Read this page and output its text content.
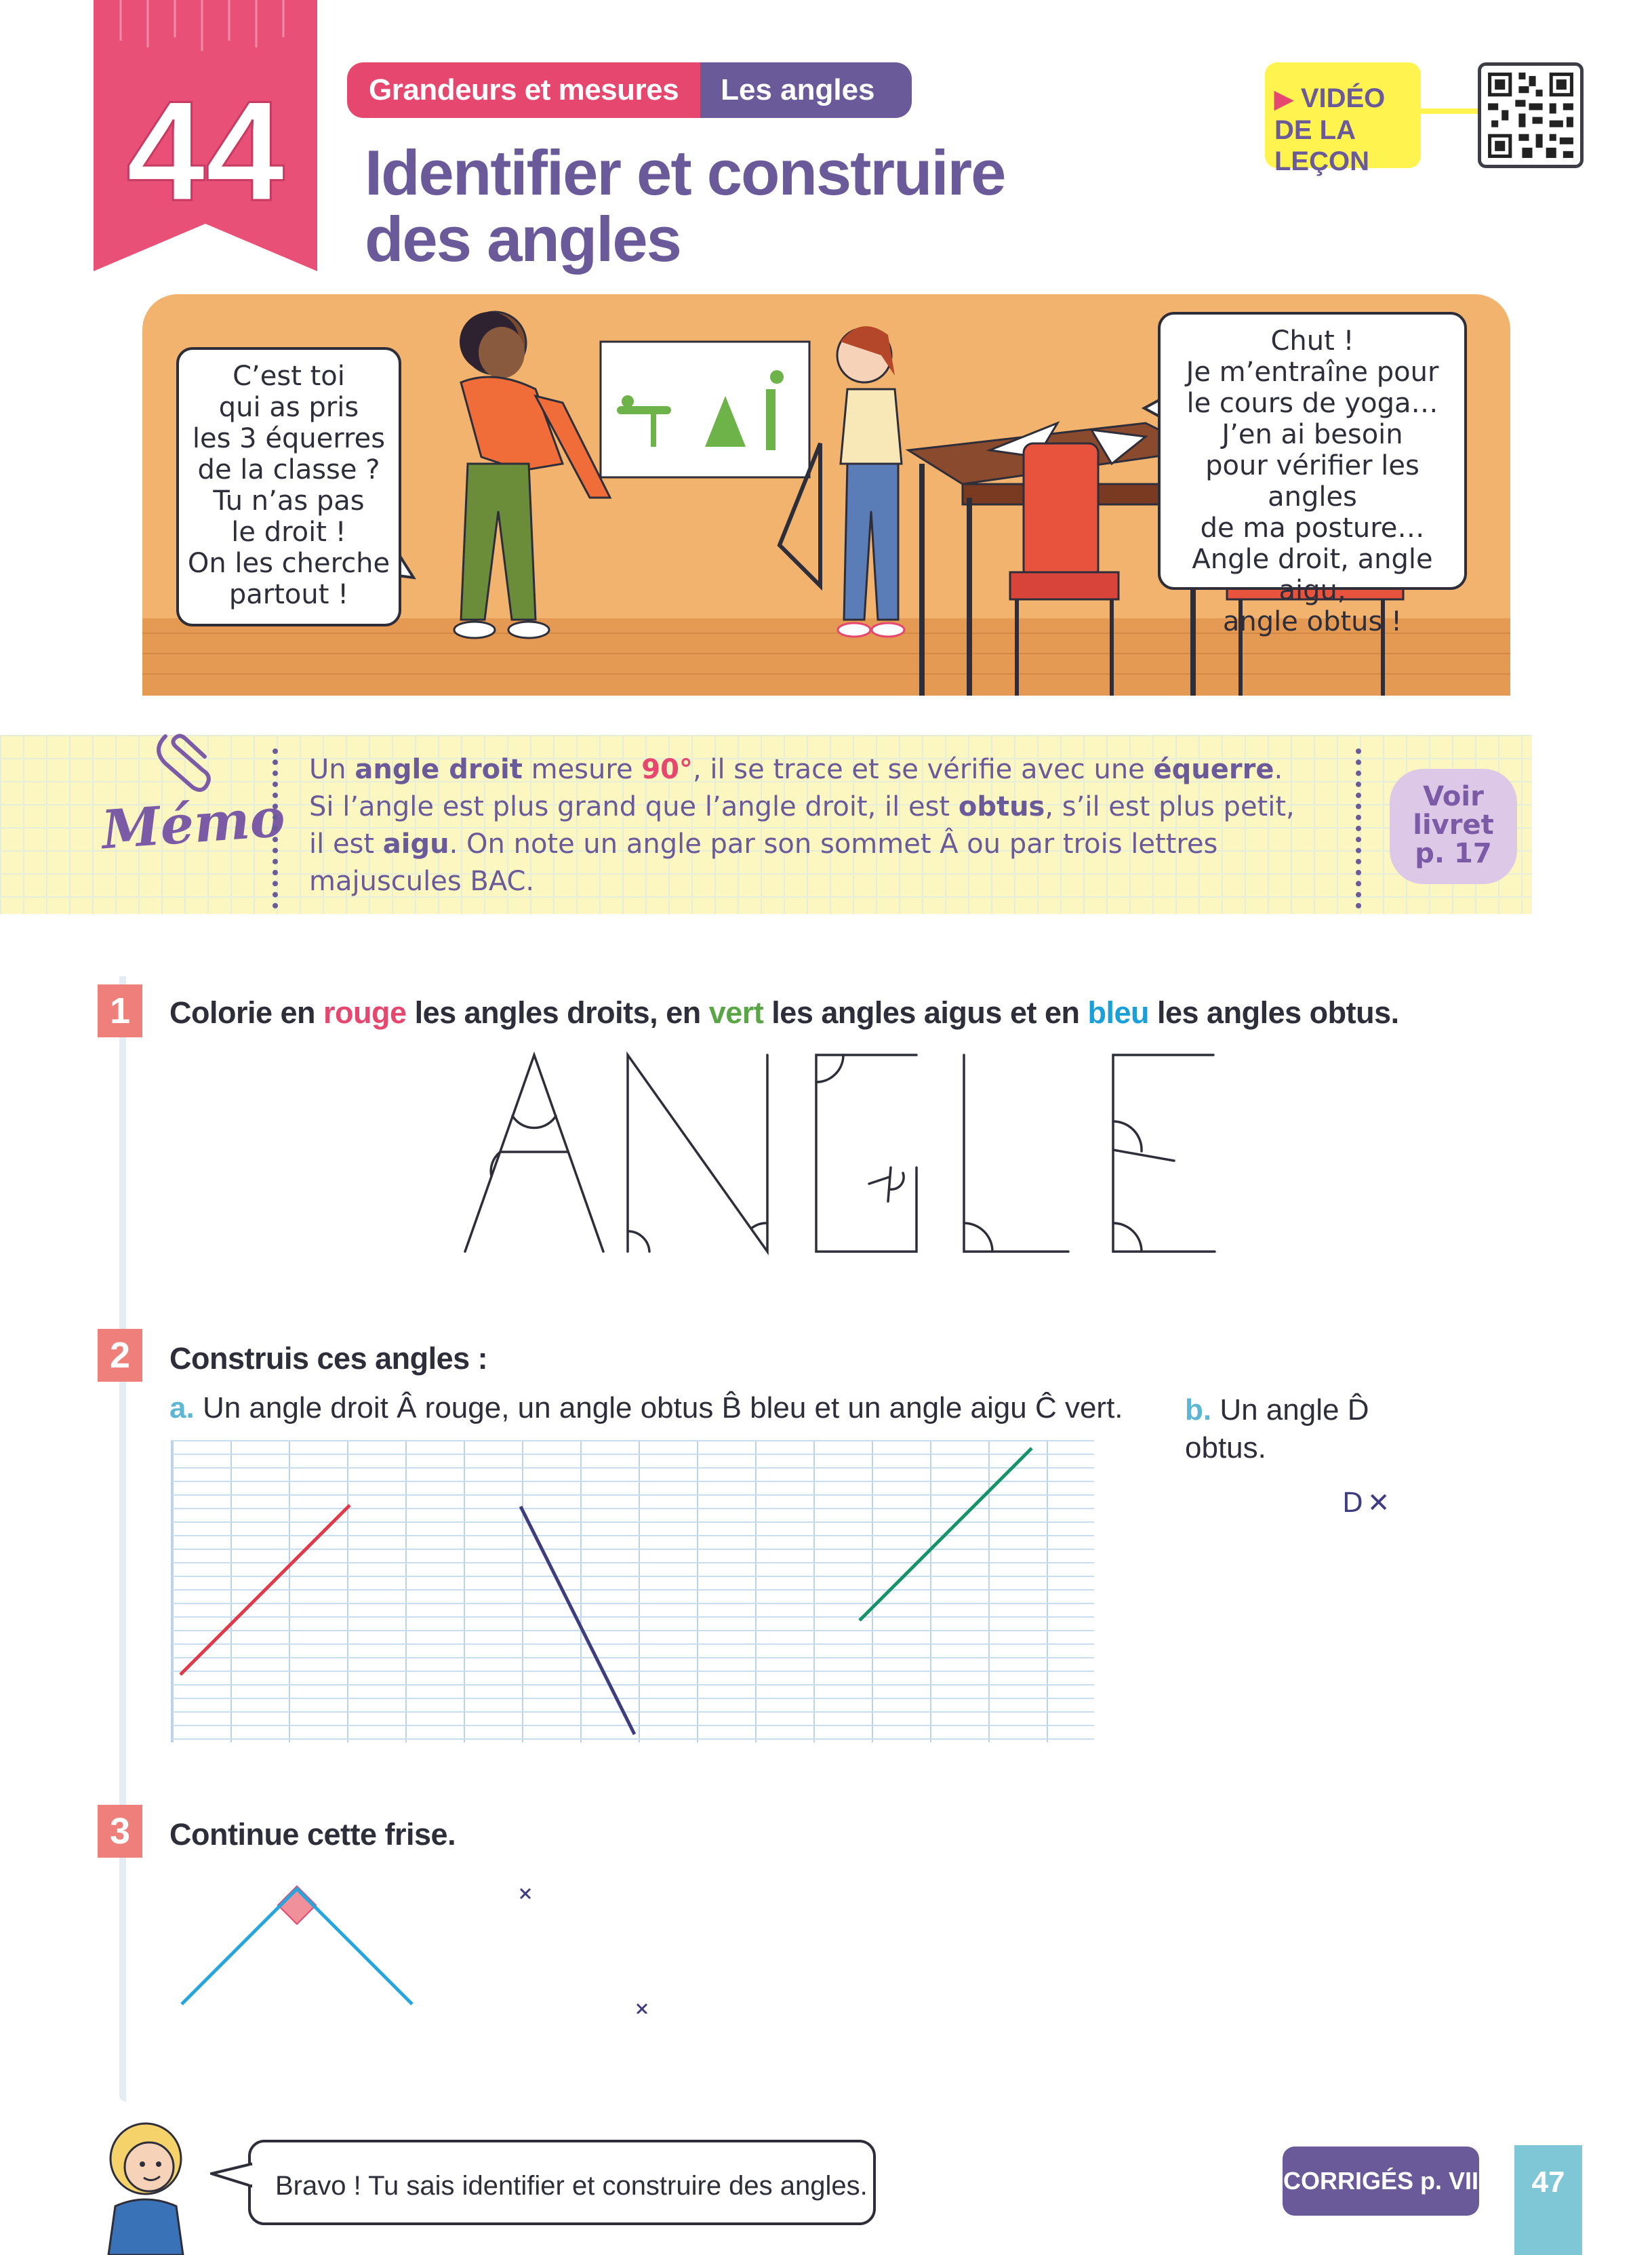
44	Grandeurs et mesures	Les angles
Identifier et construire
des angles
▶ VIDÉO
DE LA LEÇON
C’est toi
qui as pris
les 3 équerres
de la classe ?
Tu n’as pas
le droit !
On les cherche
partout !
Chut !
Je m’entraîne pour
le cours de yoga…
J’en ai besoin
pour vérifier les angles
de ma posture…
Angle droit, angle aigu,
angle obtus !
Mémo
Un angle droit mesure 90°, il se trace et se vérifie avec une équerre.
Si l’angle est plus grand que l’angle droit, il est obtus, s’il est plus petit,
il est aigu. On note un angle par son sommet Â ou par trois lettres
majuscules BAC.
Voir
livret
p. 17
1	Colorie en rouge les angles droits, en vert les angles aigus et en bleu les angles obtus.
2	Construis ces angles :
a. Un angle droit Â rouge, un angle obtus B̂ bleu et un angle aigu Ĉ vert. b. Un angle D̂
obtus.
D ✕
3	Continue cette frise.
Bravo ! Tu sais identifier et construire des angles.	CORRIGÉS p. VII	47
